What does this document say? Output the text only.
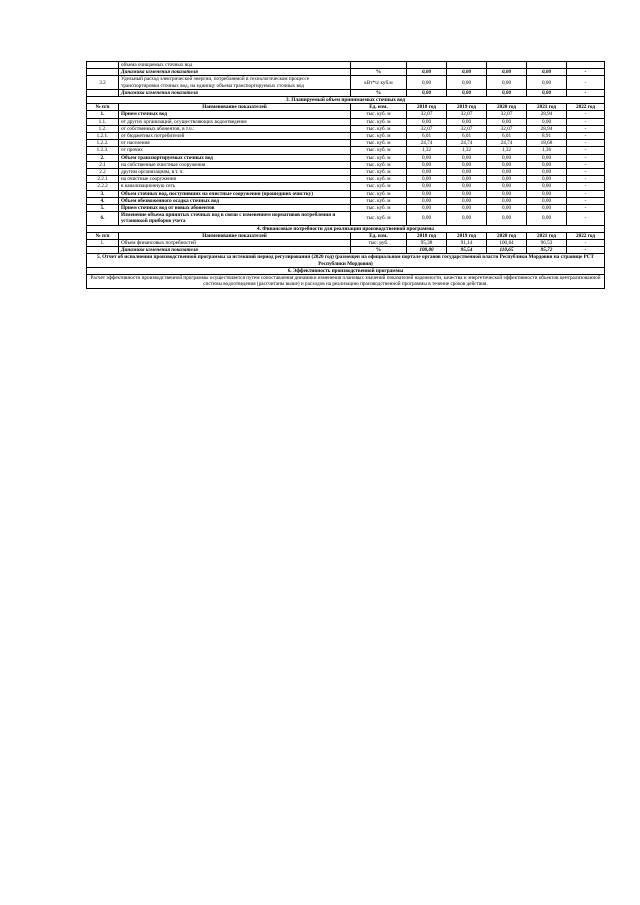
	объема очищаемых сточных вод						
	Динамика изменения показателя	%	0,00	0,00	0,00	0,00	-
3.2	Удельный расход электрической энергии, потребляемой в технологическом процессе транспортировки сточных вод, на единицу объема транспортируемых сточных вод	кВт*ч/ куб.м	0,00	0,00	0,00	0,00	-
	Динамика изменения показателя	%	0,00	0,00	0,00	0,00	-
3. Планируемый объем принимаемых сточных вод							
№ п/п	Наименование показателей	Ед. изм.	2018 год	2019 год	2020 год	2021 год	2022 год
1.	Прием сточных вод	тыс. куб. м	32,07	32,07	32,07	28,94	-
1.1.	от других организаций, осуществляющих водоотведение	тыс. куб. м	0,00	0,00	0,00	0,00	-
1.2.	от собственных абонентов, в т.ч.:	тыс. куб. м	32,07	32,07	32,07	28,94	-
1.2.1.	от бюджетных потребителей	тыс. куб. м	6,01	6,01	6,01	8,91	-
1.2.2.	от населения	тыс. куб. м	24,74	24,74	24,74	18,68	-
1.2.3.	от прочих	тыс. куб. м	1,32	1,32	1,32	1,36	-
2.	Объем транспортируемых сточных вод	тыс. куб. м	0,00	0,00	0,00	0,00	-
2.1	на собственные очистные сооружения	тыс. куб. м	0,00	0,00	0,00	0,00	-
2.2	другим организациям, в т. ч.	тыс. куб. м	0,00	0,00	0,00	0,00	-
2.2.1	на очистные сооружения	тыс. куб. м	0,00	0,00	0,00	0,00	-
2.2.2	в канализационную сеть	тыс. куб. м	0,00	0,00	0,00	0,00	-
3.	Объем сточных вод, поступивших на очистные сооружения (прошедших очистку)	тыс. куб. м	0,00	0,00	0,00	0,00	-
4.	Объем обезвоженного осадка сточных вод	тыс. куб. м	0,00	0,00	0,00	0,00	-
5.	Прием сточных вод от новых абонентов	тыс. куб. м	0,00	0,00	0,00	0,00	-
6.	Изменение объема принятых сточных вод в связи с изменением нормативов потребления и установкой приборов учета	тыс. куб. м	0,00	0,00	0,00	0,00	-
4. Финансовые потребности для реализации производственной программы							
№ п/п	Наименование показателей	Ед. изм.	2018 год	2019 год	2020 год	2021 год	2022 год
1.	Объем финансовых потребностей	тыс. руб.	95,38	91,14	100,84	96,53	-
	Динамика изменения показателя	%	100,00	95,54	110,65	95,72	-
5. Отчет об исполнении производственной программы за истекший период регулирования (2020 год) (размещен на официальном портале органов государственной власти Республики Мордовия на странице РСТ Республики Мордовия)							
6. Эффективность производственной программы							
Расчет эффективности производственной программы осуществляется путем сопоставления динамики изменения плановых значений показателей надежности, качества и энергетической эффективности объектов централизованной системы водоотведения (рассчитаны выше) и расходов на реализацию производственной программы в течение сроков действия.							
